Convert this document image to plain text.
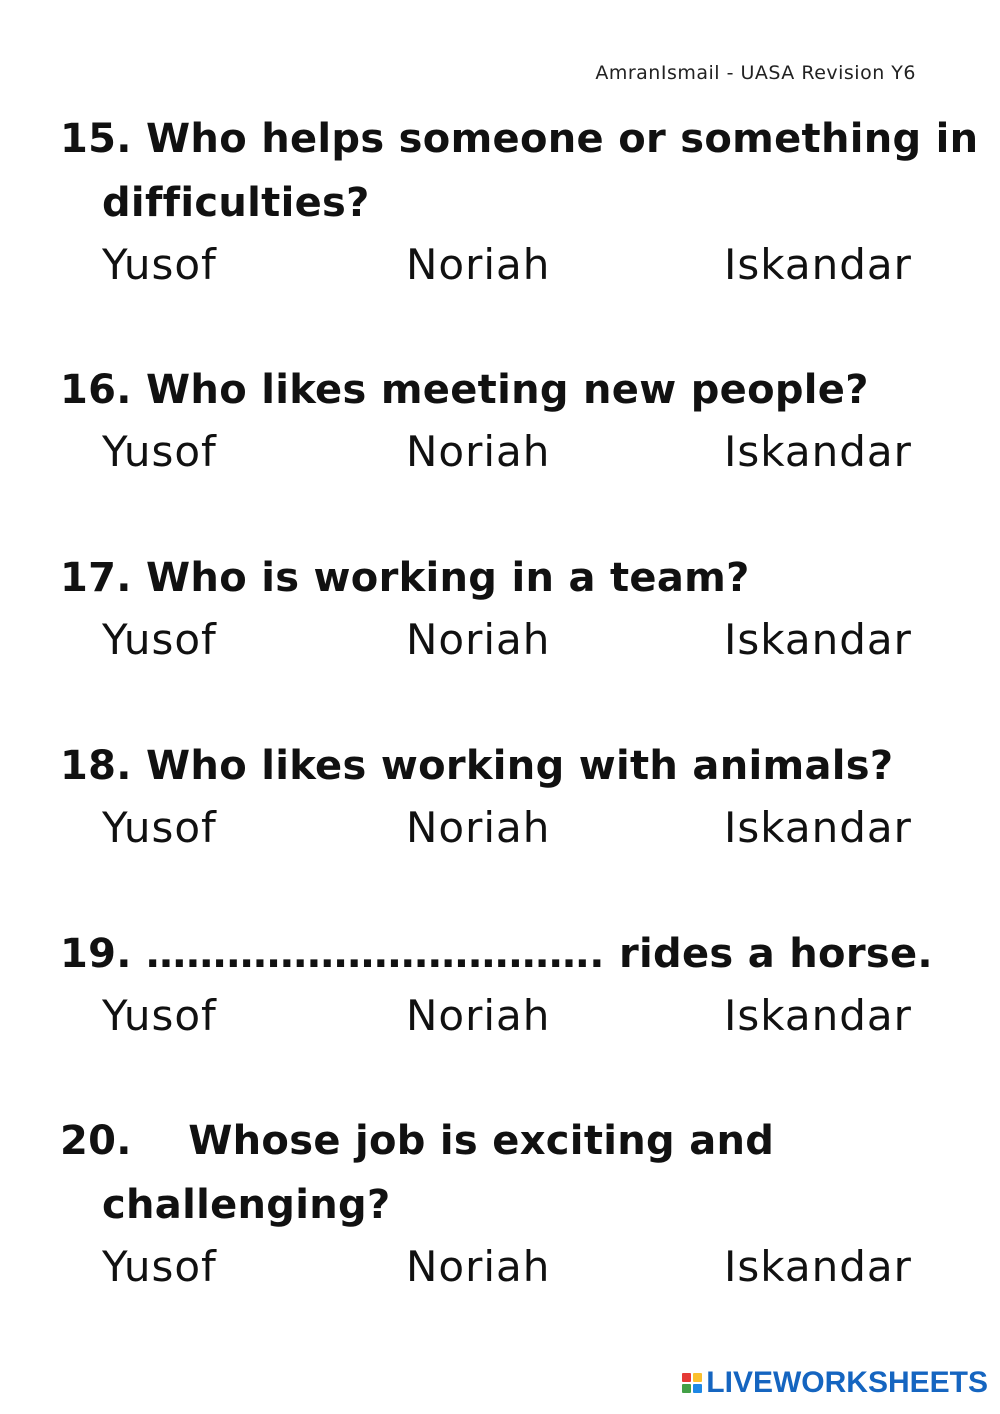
AmranIsmail - UASA Revision Y6
15. Who helps someone or something in
difficulties?
Yusof	Noriah	Iskandar
16. Who likes meeting new people?
Yusof	Noriah	Iskandar
17. Who is working in a team?
Yusof	Noriah	Iskandar
18. Who likes working with animals?
Yusof	Noriah	Iskandar
19. ……………………………. rides a horse.
Yusof	Noriah	Iskandar
20. Whose job is exciting and
challenging?
Yusof	Noriah	Iskandar
LIVEWORKSHEETS
